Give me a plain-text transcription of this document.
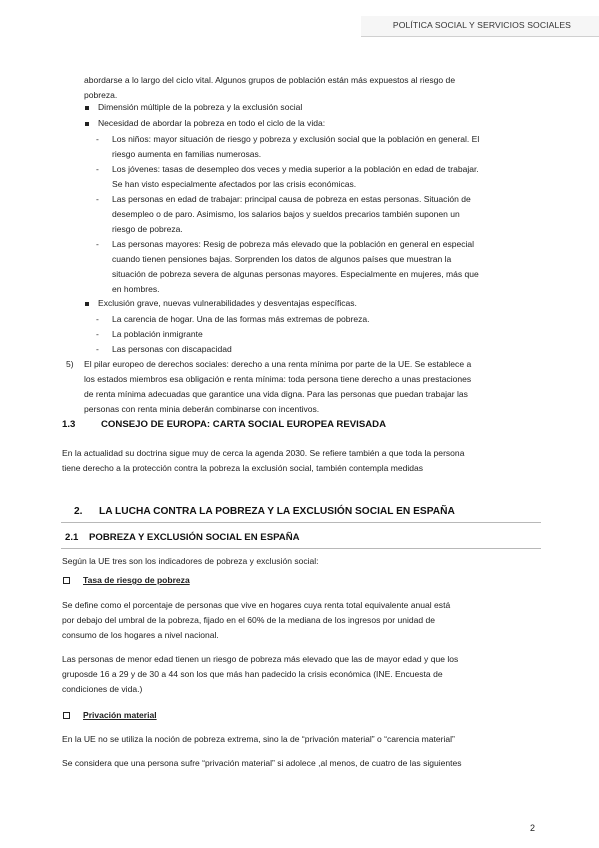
POLÍTICA SOCIAL Y SERVICIOS SOCIALES
abordarse a lo largo del ciclo vital. Algunos grupos de población están más expuestos al riesgo de
pobreza.
Dimensión múltiple de la pobreza y la exclusión social
Necesidad de abordar la pobreza en todo el ciclo de la vida:
- Los niños: mayor situación de riesgo y pobreza y exclusión social que la población en general. El
riesgo aumenta en familias numerosas.
- Los jóvenes: tasas de desempleo dos veces y media superior a la población en edad de trabajar.
Se han visto especialmente afectados por las crisis económicas.
- Las personas en edad de trabajar: principal causa de pobreza en estas personas. Situación de
desempleo o de paro. Asimismo, los salarios bajos y sueldos precarios también suponen un
riesgo de pobreza.
- Las personas mayores: Resig de pobreza más elevado que la población en general en especial
cuando tienen pensiones bajas. Sorprenden los datos de algunos países que muestran la
situación de pobreza severa de algunas personas mayores. Especialmente en mujeres, más que
en hombres.
Exclusión grave, nuevas vulnerabilidades y desventajas específicas.
- La carencia de hogar. Una de las formas más extremas de pobreza.
- La población inmigrante
- Las personas con discapacidad
5) El pilar europeo de derechos sociales: derecho a una renta mínima por parte de la UE. Se establece a
los estados miembros esa obligación e renta mínima: toda persona tiene derecho a unas prestaciones
de renta mínima adecuadas que garantice una vida digna. Para las personas que puedan trabajar las
personas con renta minia deberán combinarse con incentivos.
1.3	CONSEJO DE EUROPA: CARTA SOCIAL EUROPEA REVISADA
En la actualidad su doctrina sigue muy de cerca la agenda 2030. Se refiere también a que toda la persona
tiene derecho a la protección contra la pobreza la exclusión social, también contempla medidas
2. LA LUCHA CONTRA LA POBREZA Y LA EXCLUSIÓN SOCIAL EN ESPAÑA
2.1 POBREZA Y EXCLUSIÓN SOCIAL EN ESPAÑA
Según la UE tres son los indicadores de pobreza y exclusión social:
Tasa de riesgo de pobreza
Se define como el porcentaje de personas que vive en hogares cuya renta total equivalente anual está
por debajo del umbral de la pobreza, fijado en el 60% de la mediana de los ingresos por unidad de
consumo de los hogares a nivel nacional.
Las personas de menor edad tienen un riesgo de pobreza más elevado que las de mayor edad y que los
gruposde 16 a 29 y de 30 a 44 son los que más han padecido la crisis económica (INE. Encuesta de
condiciones de vida.)
Privación material
En la UE no se utiliza la noción de pobreza extrema, sino la de “privación material” o “carencia material”
Se considera que una persona sufre “privación material” si adolece ,al menos, de cuatro de las siguientes
2
